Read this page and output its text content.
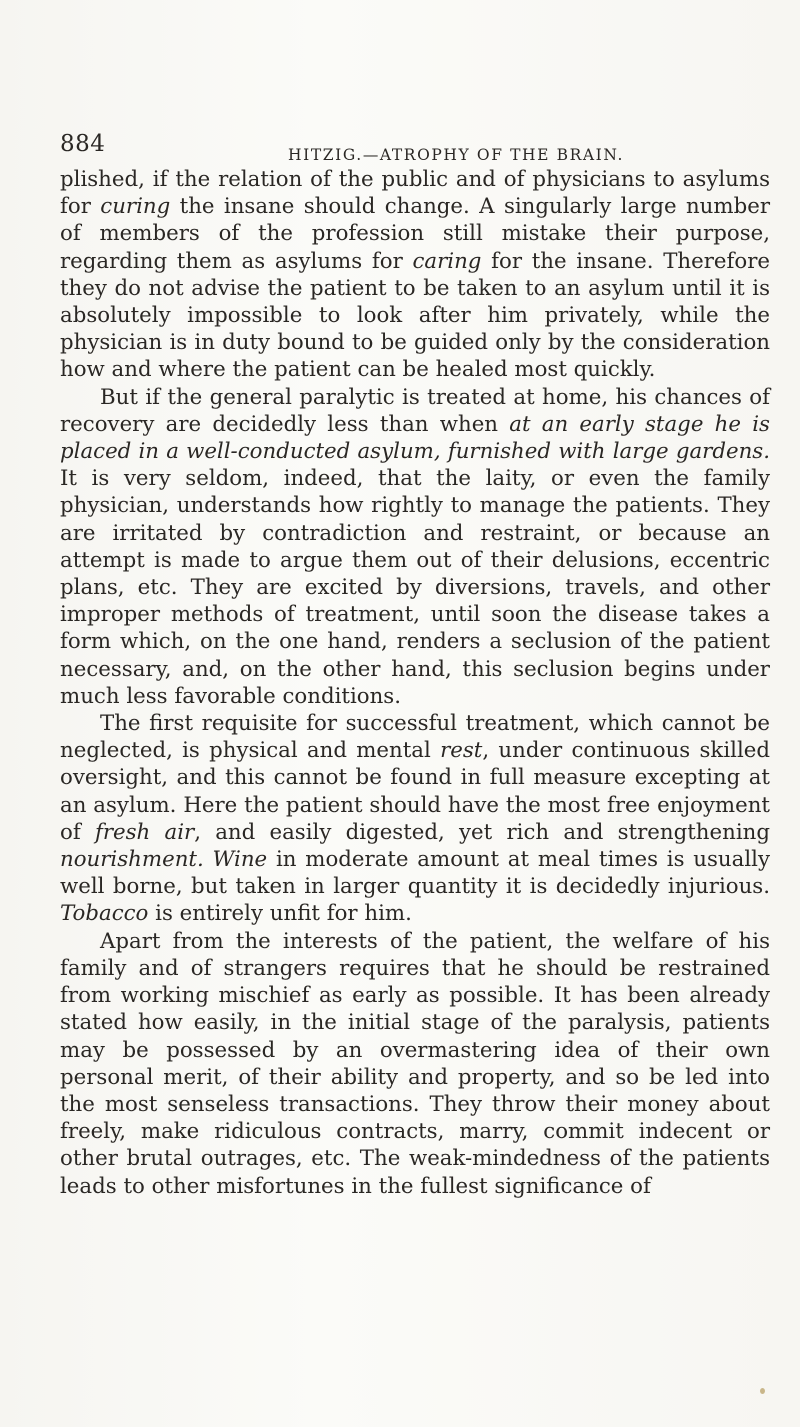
884	HITZIG.—ATROPHY OF THE BRAIN.

plished, if the relation of the public and of physicians to asylums for curing the insane should change. A singularly large number of members of the profession still mistake their purpose, regarding them as asylums for caring for the insane. Therefore they do not advise the patient to be taken to an asylum until it is absolutely impossible to look after him privately, while the physician is in duty bound to be guided only by the consideration how and where the patient can be healed most quickly.

But if the general paralytic is treated at home, his chances of recovery are decidedly less than when at an early stage he is placed in a well-conducted asylum, furnished with large gardens. It is very seldom, indeed, that the laity, or even the family physician, understands how rightly to manage the patients. They are irritated by contradiction and restraint, or because an attempt is made to argue them out of their delusions, eccentric plans, etc. They are excited by diversions, travels, and other improper methods of treatment, until soon the disease takes a form which, on the one hand, renders a seclusion of the patient necessary, and, on the other hand, this seclusion begins under much less favorable conditions.

The first requisite for successful treatment, which cannot be neglected, is physical and mental rest, under continuous skilled oversight, and this cannot be found in full measure excepting at an asylum. Here the patient should have the most free enjoyment of fresh air, and easily digested, yet rich and strengthening nourishment. Wine in moderate amount at meal times is usually well borne, but taken in larger quantity it is decidedly injurious. Tobacco is entirely unfit for him.

Apart from the interests of the patient, the welfare of his family and of strangers requires that he should be restrained from working mischief as early as possible. It has been already stated how easily, in the initial stage of the paralysis, patients may be possessed by an overmastering idea of their own personal merit, of their ability and property, and so be led into the most senseless transactions. They throw their money about freely, make ridiculous contracts, marry, commit indecent or other brutal outrages, etc. The weak-mindedness of the patients leads to other misfortunes in the fullest significance of
